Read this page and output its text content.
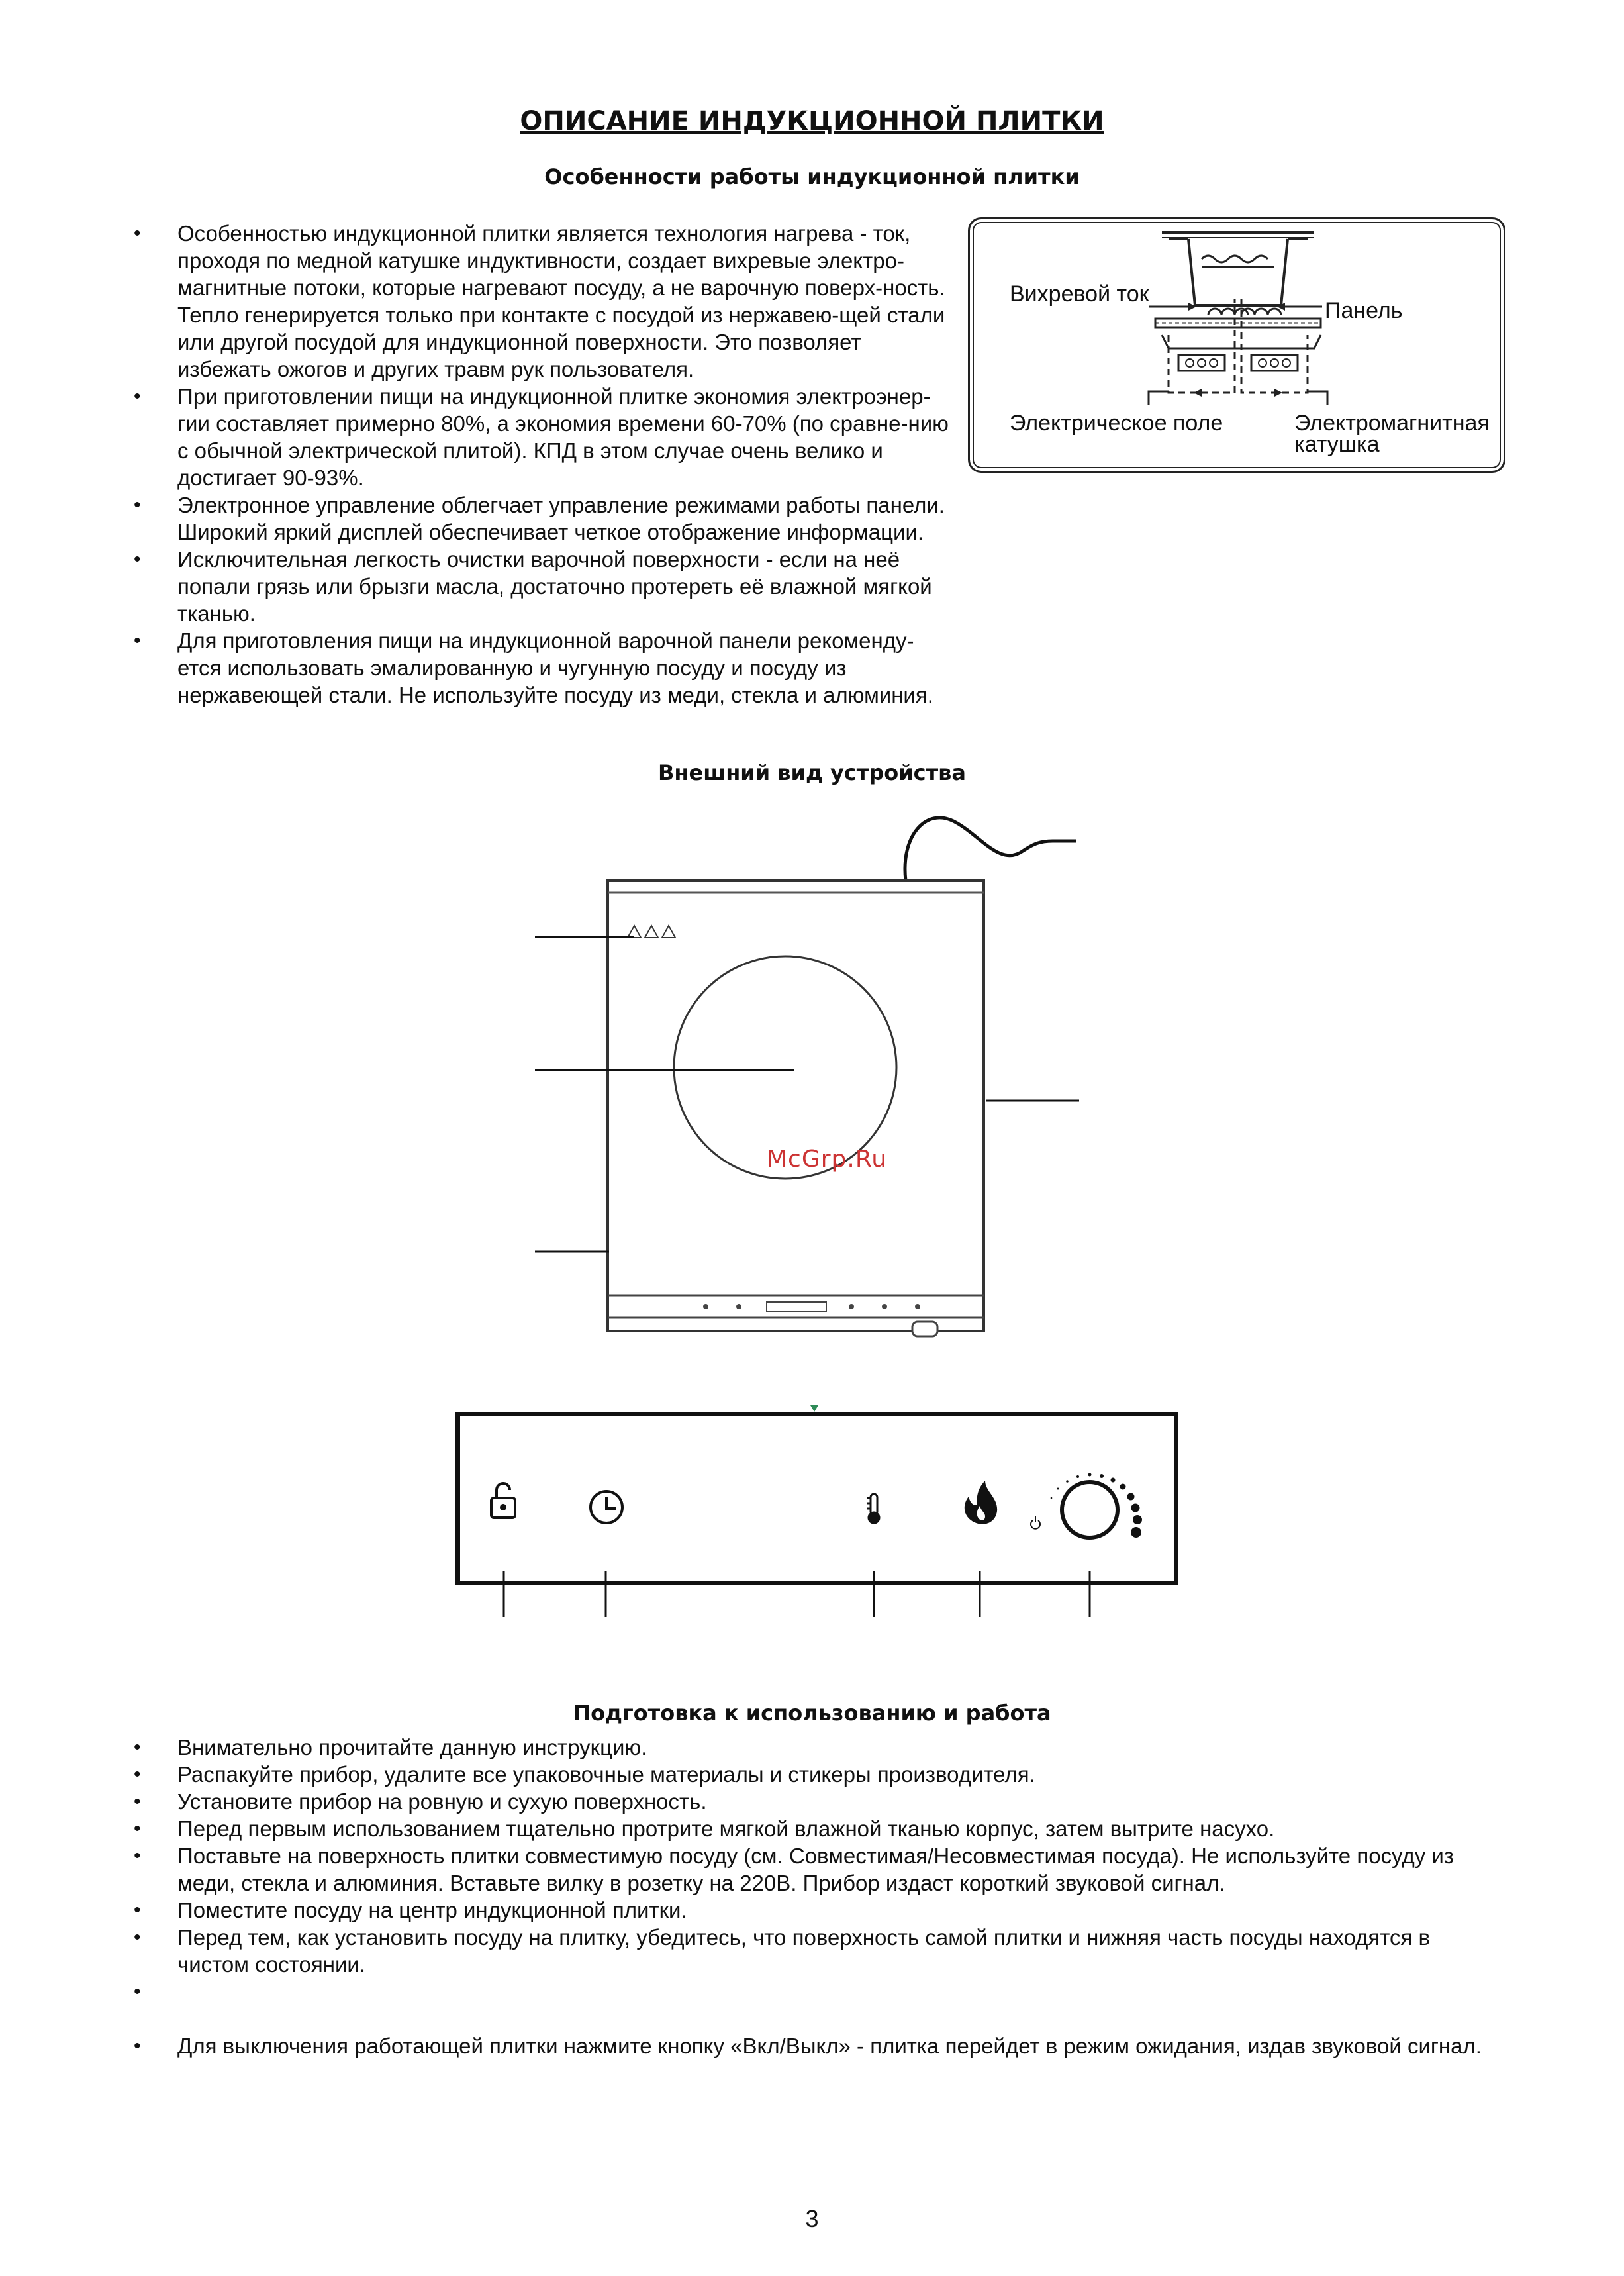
ОПИСАНИЕ ИНДУКЦИОННОЙ ПЛИТКИ
Особенности работы индукционной плитки
• Особенностью индукционной плитки является технология нагрева - ток, проходя по медной катушке индуктивности, создает вихревые электро-магнитные потоки, которые нагревают посуду, а не варочную поверх-ность. Тепло генерируется только при контакте с посудой из нержавею-щей стали или другой посудой для индукционной поверхности. Это позволяет избежать ожогов и других травм рук пользователя.
• При приготовлении пищи на индукционной плитке экономия электроэнер-гии составляет примерно 80%, а экономия времени 60-70% (по сравне-нию с обычной электрической плитой). КПД в этом случае очень велико и достигает 90-93%.
• Электронное управление облегчает управление режимами работы панели. Широкий яркий дисплей обеспечивает четкое отображение информации.
• Исключительная легкость очистки варочной поверхности - если на неё попали грязь или брызги масла, достаточно протереть её влажной мягкой тканью.
• Для приготовления пищи на индукционной варочной панели рекоменду-ется использовать эмалированную и чугунную посуду и посуду из нержавеющей стали. Не используйте посуду из меди, стекла и алюминия.
Вихревой ток
Панель
Электрическое поле	Электромагнитная
катушка
Внешний вид устройства
McGrp.Ru
Подготовка к использованию и работа
• Внимательно прочитайте данную инструкцию.
• Распакуйте прибор, удалите все упаковочные материалы и стикеры производителя.
• Установите прибор на ровную и сухую поверхность.
• Перед первым использованием тщательно протрите мягкой влажной тканью корпус, затем вытрите насухо.
• Поставьте на поверхность плитки совместимую посуду (см. Совместимая/Несовместимая посуда). Не используйте посуду из меди, стекла и алюминия. Вставьте вилку в розетку на 220В. Прибор издаст короткий звуковой сигнал.
• Поместите посуду на центр индукционной плитки.
• Перед тем, как установить посуду на плитку, убедитесь, что поверхность самой плитки и нижняя часть посуды находятся в чистом состоянии.
•
• Для выключения работающей плитки нажмите кнопку «Вкл/Выкл» - плитка перейдет в режим ожидания, издав звуковой сигнал.
3
